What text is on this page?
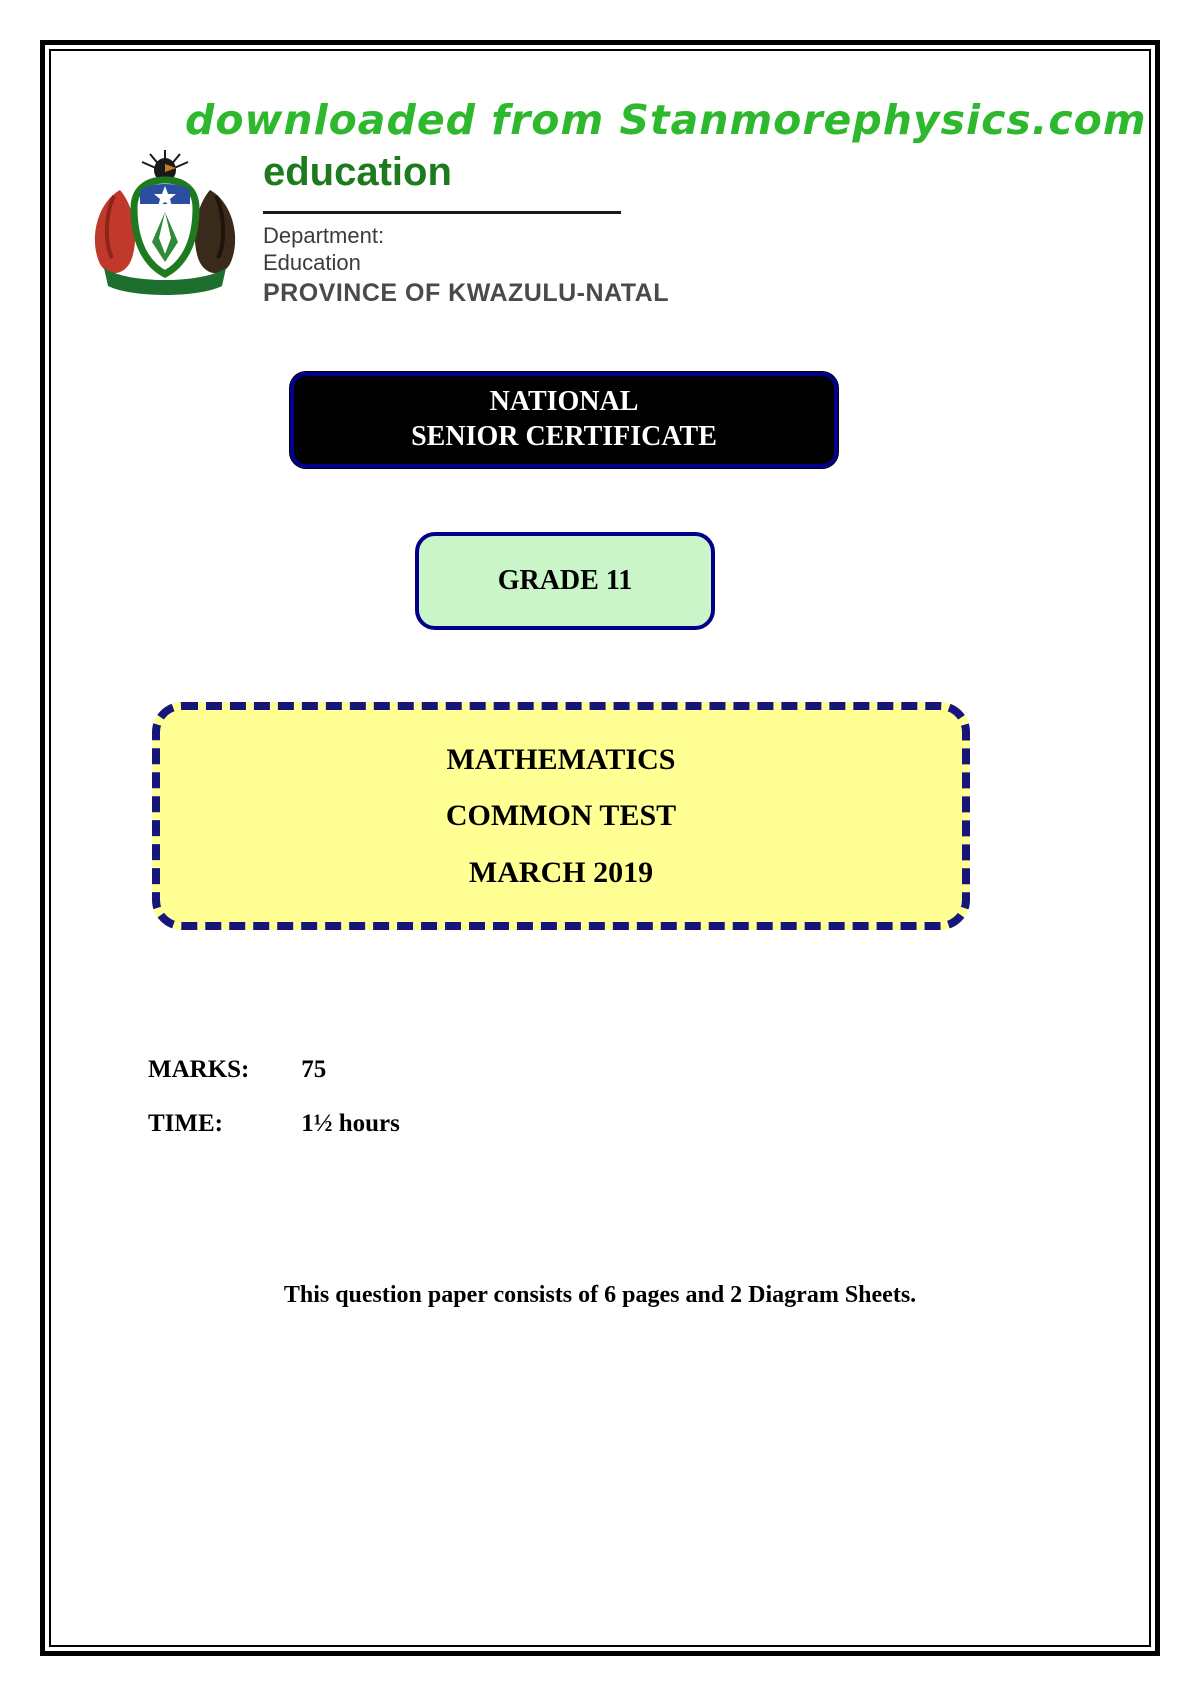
downloaded from Stanmorephysics.com
education
Department:
Education
PROVINCE OF KWAZULU-NATAL
NATIONAL
SENIOR CERTIFICATE
GRADE 11
MATHEMATICS
COMMON TEST
MARCH 2019
MARKS: 75
TIME:	1½ hours
This question paper consists of 6 pages and 2 Diagram Sheets.
